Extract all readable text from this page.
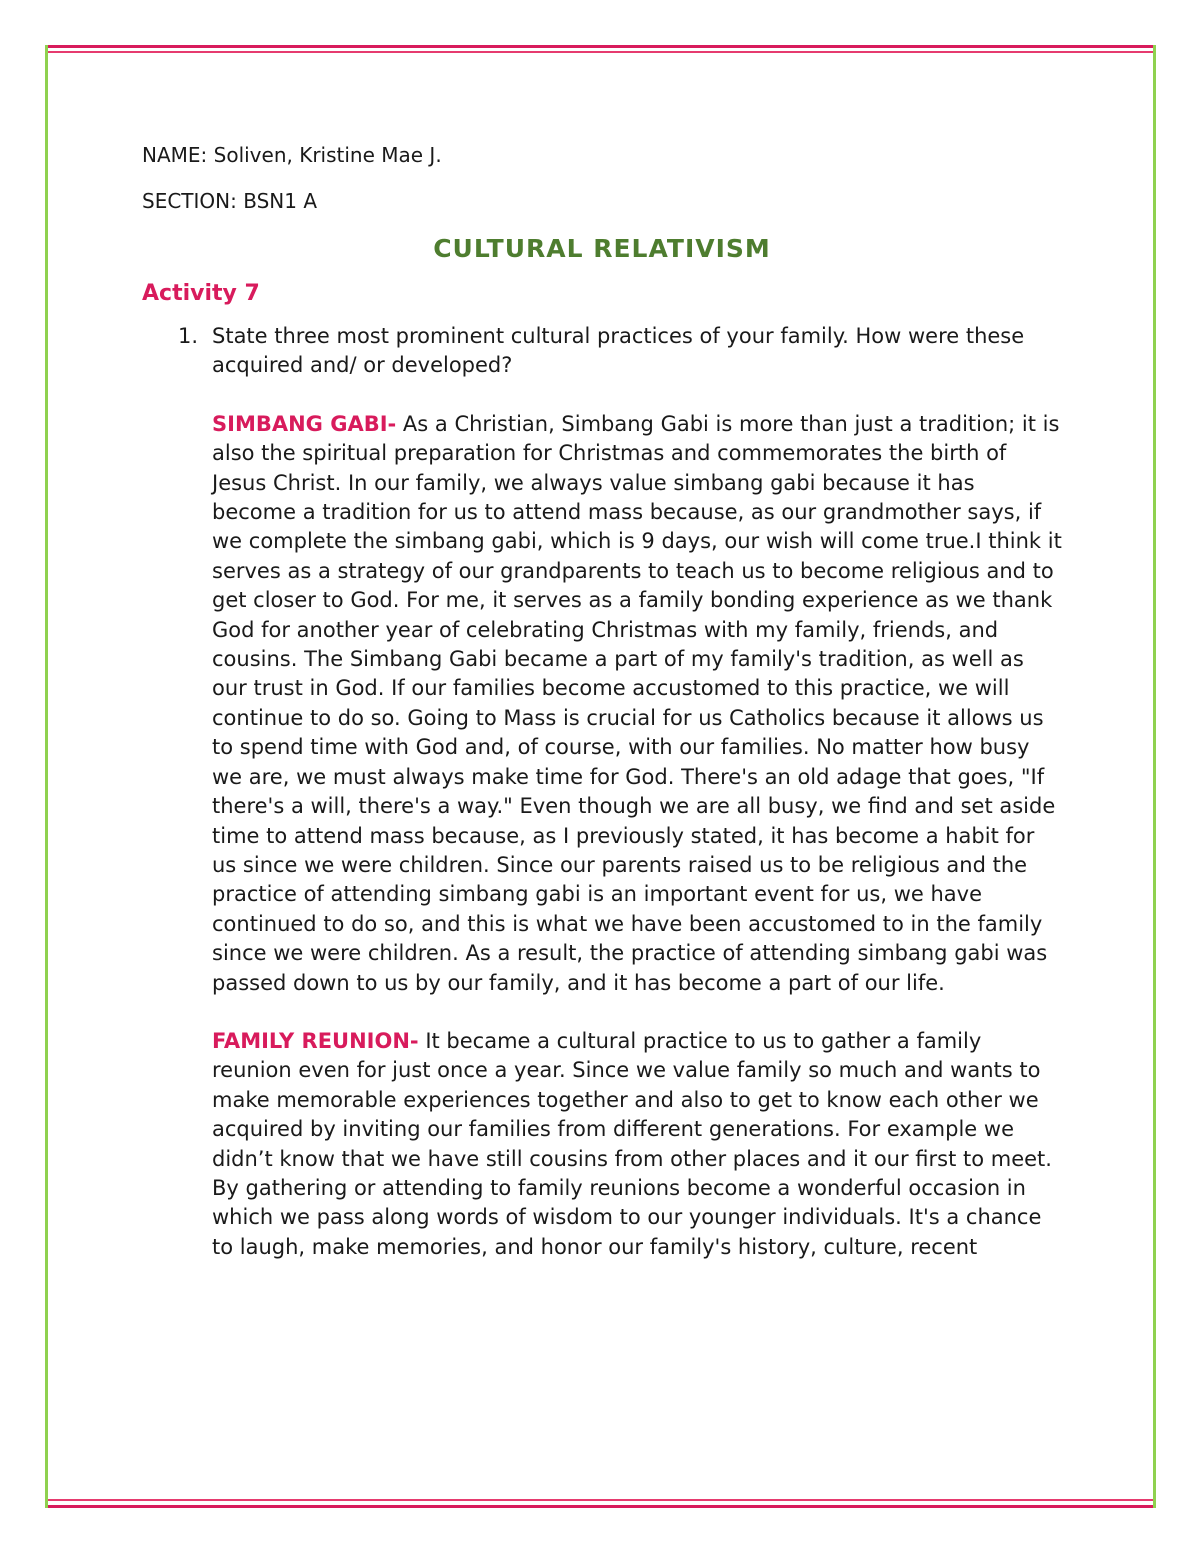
NAME: Soliven, Kristine Mae J.

SECTION: BSN1 A

CULTURAL RELATIVISM
Activity 7
1. State three most prominent cultural practices of your family. How were these acquired and/ or developed?

SIMBANG GABI- As a Christian, Simbang Gabi is more than just a tradition; it is also the spiritual preparation for Christmas and commemorates the birth of Jesus Christ. In our family, we always value simbang gabi because it has become a tradition for us to attend mass because, as our grandmother says, if we complete the simbang gabi, which is 9 days, our wish will come true.I think it serves as a strategy of our grandparents to teach us to become religious and to get closer to God. For me, it serves as a family bonding experience as we thank God for another year of celebrating Christmas with my family, friends, and cousins. The Simbang Gabi became a part of my family's tradition, as well as our trust in God. If our families become accustomed to this practice, we will continue to do so. Going to Mass is crucial for us Catholics because it allows us to spend time with God and, of course, with our families. No matter how busy we are, we must always make time for God. There's an old adage that goes, "If there's a will, there's a way." Even though we are all busy, we find and set aside time to attend mass because, as I previously stated, it has become a habit for us since we were children. Since our parents raised us to be religious and the practice of attending simbang gabi is an important event for us, we have continued to do so, and this is what we have been accustomed to in the family since we were children. As a result, the practice of attending simbang gabi was passed down to us by our family, and it has become a part of our life.

FAMILY REUNION- It became a cultural practice to us to gather a family reunion even for just once a year. Since we value family so much and wants to make memorable experiences together and also to get to know each other we acquired by inviting our families from different generations. For example we didn’t know that we have still cousins from other places and it our first to meet. By gathering or attending to family reunions become a wonderful occasion in which we pass along words of wisdom to our younger individuals. It's a chance to laugh, make memories, and honor our family's history, culture, recent
